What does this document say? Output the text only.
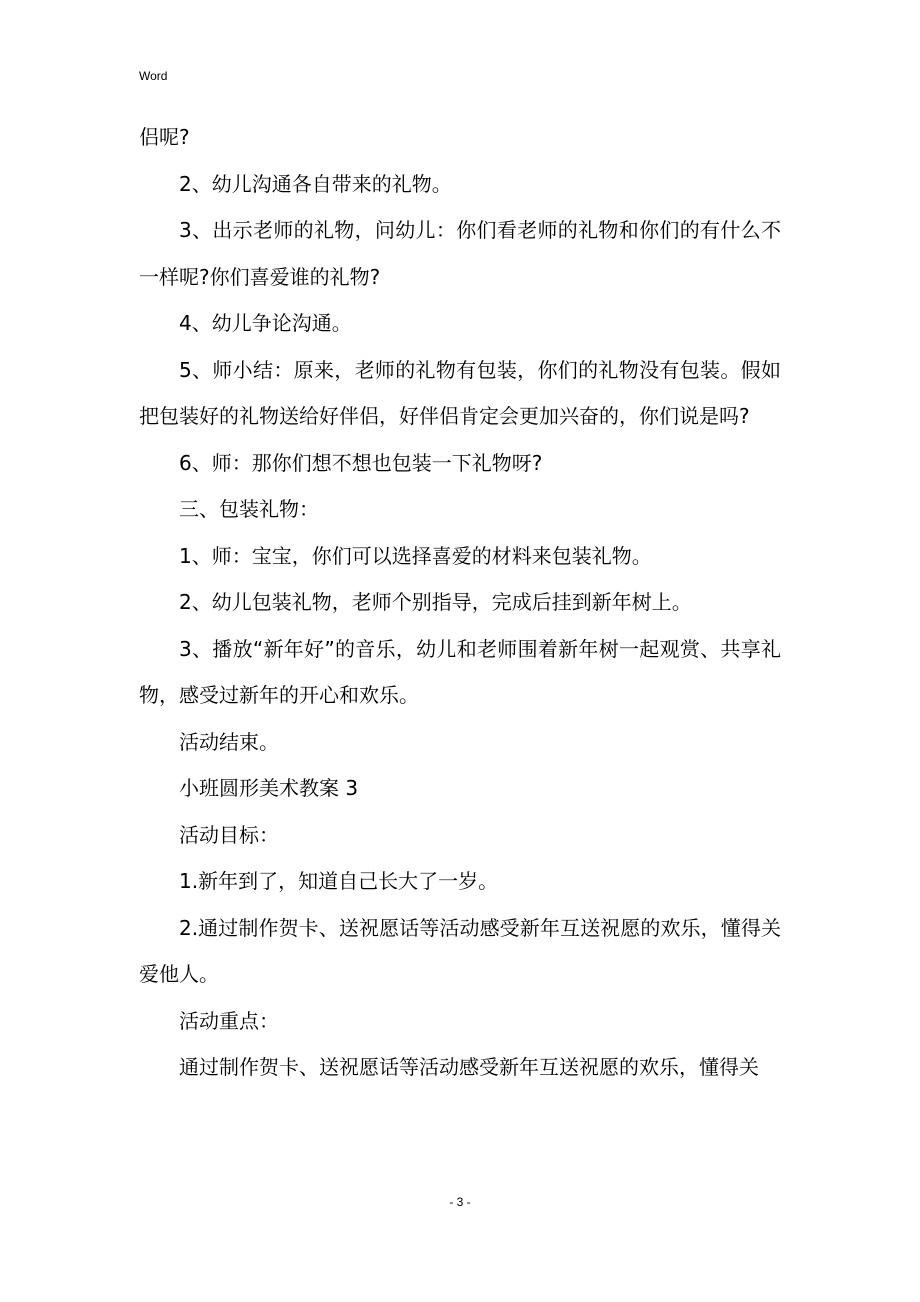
Word

侣呢?

2、幼儿沟通各自带来的礼物。

3、出示老师的礼物，问幼儿：你们看老师的礼物和你们的有什么不一样呢?你们喜爱谁的礼物?

4、幼儿争论沟通。

5、师小结：原来，老师的礼物有包装，你们的礼物没有包装。假如把包装好的礼物送给好伴侣，好伴侣肯定会更加兴奋的，你们说是吗?

6、师：那你们想不想也包装一下礼物呀?

三、包装礼物：

1、师：宝宝，你们可以选择喜爱的材料来包装礼物。

2、幼儿包装礼物，老师个别指导，完成后挂到新年树上。

3、播放“新年好”的音乐，幼儿和老师围着新年树一起观赏、共享礼物，感受过新年的开心和欢乐。

活动结束。

小班圆形美术教案 3

活动目标：

1.新年到了，知道自己长大了一岁。

2.通过制作贺卡、送祝愿话等活动感受新年互送祝愿的欢乐，懂得关爱他人。

活动重点：

通过制作贺卡、送祝愿话等活动感受新年互送祝愿的欢乐，懂得关

- 3 -
